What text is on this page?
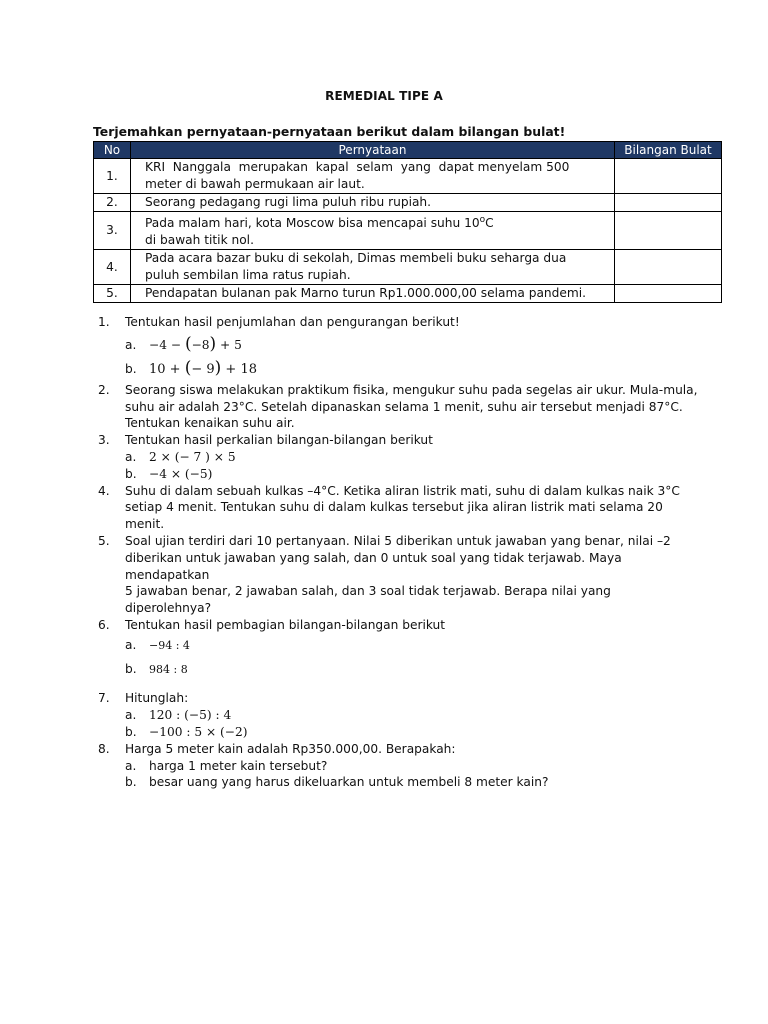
REMEDIAL TIPE A
Terjemahkan pernyataan-pernyataan berikut dalam bilangan bulat!
No	Pernyataan	Bilangan Bulat
1.	KRI  Nanggala  merupakan  kapal  selam  yang  dapat menyelam 500
meter di bawah permukaan air laut.	

2.	Seorang pedagang rugi lima puluh ribu rupiah.	

3.	Pada malam hari, kota Moscow bisa mencapai suhu 10$^o$C
di bawah titik nol.	

4.	Pada acara bazar buku di sekolah, Dimas membeli buku seharga dua
puluh sembilan lima ratus rupiah.	

5.	Pendapatan bulanan pak Marno turun Rp1.000.000,00 selama pandemi.	

1. Tentukan hasil penjumlahan dan pengurangan berikut!
a. −4 − (−8) + 5
b. 10 + (− 9) + 18
2. Seorang siswa melakukan praktikum fisika, mengukur suhu pada segelas air ukur. Mula-mula,
suhu air adalah 23°C. Setelah dipanaskan selama 1 menit, suhu air tersebut menjadi 87°C.
Tentukan kenaikan suhu air.
3. Tentukan hasil perkalian bilangan-bilangan berikut
a. 2 × (− 7 ) × 5
b. −4 × (−5)
4. Suhu di dalam sebuah kulkas –4°C. Ketika aliran listrik mati, suhu di dalam kulkas naik 3°C
setiap 4 menit. Tentukan suhu di dalam kulkas tersebut jika aliran listrik mati selama 20 menit.
5. Soal ujian terdiri dari 10 pertanyaan. Nilai 5 diberikan untuk jawaban yang benar, nilai –2
diberikan untuk jawaban yang salah, dan 0 untuk soal yang tidak terjawab. Maya mendapatkan
5 jawaban benar, 2 jawaban salah, dan 3 soal tidak terjawab. Berapa nilai yang diperolehnya?
6. Tentukan hasil pembagian bilangan-bilangan berikut
a. −94 : 4
b. 984 : 8
7. Hitunglah:
a. 120 : (−5) : 4
b. −100 : 5 × (−2)
8. Harga 5 meter kain adalah Rp350.000,00. Berapakah:
a. harga 1 meter kain tersebut?
b. besar uang yang harus dikeluarkan untuk membeli 8 meter kain?
